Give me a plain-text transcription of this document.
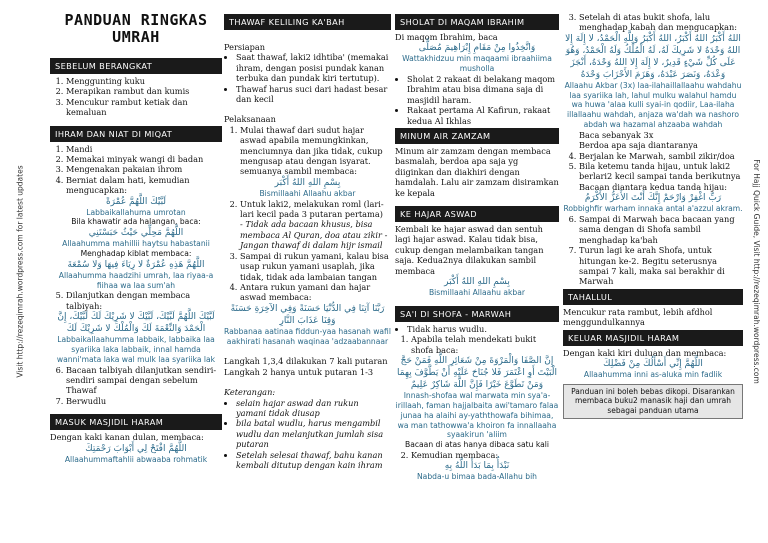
Visit http://rezeqimrah.wordpress.com for latest updates	For Hajj Quick Guide, Visit http://rezeqimrah.wordpress.com
PANDUAN RINGKAS UMRAH
SEBELUM BERANGKAT
1. Menggunting kuku
2. Merapikan rambut dan kumis
3. Mencukur rambut ketiak dan kemaluan
IHRAM DAN NIAT DI MIQAT
1. Mandi
2. Memakai minyak wangi di badan
3. Mengenakan pakaian ihrom
4. Berniat dalam hati, kemudian mengucapkan:
لَبَّيْكَ اللَّهُمَّ عُمْرَةً
Labbaikallahuma umrotan
Bila khawatir ada halangan, baca:
اللَّهُمَّ مَحِلِّي حَيْثُ حَبَسْتَنِي
Allaahumma mahillii haytsu habastanii
Menghadap kiblat membaca:
اللَّهُمَّ هَذِهِ عُمْرَةٌ لا رِيَاءَ فِيهَا وَلا سُمْعَةَ
Allaahumma haadzihi umrah, laa riyaa-a fiihaa wa laa sum'ah
5. Dilanjutkan dengan membaca talbiyah:
لَبَّيْكَ اللَّهُمَّ لَبَّيْكَ، لَبَّيْكَ لا شَرِيْكَ لَكَ لَبَّيْكَ، إِنَّ الْحَمْدَ وَالنِّعْمَةَ لَكَ وَالْمُلْكَ لا شَرِيْكَ لَكَ
Labbaikallaahumma labbaik, labbaika laa syariika laka labbaik, innal hamda wanni'mata laka wal mulk laa syariika lak
6. Bacaan talbiyah dilanjutkan sendiri-sendiri sampai dengan sebelum Thawaf
7. Berwudlu
MASUK MASJIDIL HARAM

Dengan kaki kanan dulan, membaca:

اللَّهُمَّ افْتَحْ لِي أَبْوَابَ رَحْمَتِكَ
Allaahummaftahlii abwaaba rohmatik
THAWAF KELILING KA'BAH

Persiapan

• Saat thawaf, laki2 idhtiba' (memakai ihram, dengan posisi pundak kanan terbuka dan pundak kiri tertutup).
• Thawaf harus suci dari hadast besar dan kecil

Pelaksanaan

1. Mulai thawaf dari sudut hajar aswad apabila memungkinkan, menciumnya dan jika tidak, cukup mengusap atau dengan isyarat. semuanya sambil membaca:
بِسْمِ اللهِ اللهُ أَكْبَر
Bismillaahi Allaahu akbar
2. Untuk laki2, melakukan roml (lari-lari kecil pada 3 putaran pertama)
- Tidak ada bacaan khusus, bisa membaca Al Quran, doa atau zikir - Jangan thawaf di dalam hijr ismail
3. Sampai di rukun yamani, kalau bisa usap rukun yamani usaplah, jika tidak, tidak ada lambaian tangan
4. Antara rukun yamani dan hajar aswad membaca:
رَبَّنَا آتِنَا فِي الدُّنْيَا حَسَنَةً وَفِي الآخِرَةِ حَسَنَةً وَقِنَا عَذَابَ النَّارِ
Rabbanaa aatinaa fiddun-yaa hasanah wafil aakhirati hasanah waqinaa 'adzaabannaar

Langkah 1,3,4 dilakukan 7 kali putaran Langkah 2 hanya untuk putaran 1-3

Keterangan:

• selain hajar aswad dan rukun yamani tidak diusap
• bila batal wudlu, harus mengambil wudlu dan melanjutkan jumlah sisa putaran
• Setelah selesai thawaf, bahu kanan kembali ditutup dengan kain ihram
SHOLAT DI MAQAM IBRAHIM

Di maqom Ibrahim, baca

وَاتَّخِذُوا مِنْ مَقَامِ إِبْرَاهِيمَ مُصَلًّى
Wattakhidzuu min maqaami ibraahiima musholla
• Sholat 2 rakaat di belakang maqom Ibrahim atau bisa dimana saja di masjidil haram.
• Rakaat pertama Al Kafirun, rakaat kedua Al Ikhlas
MINUM AIR ZAMZAM

Minum air zamzam dengan membaca basmalah, berdoa apa saja yg diiginkan dan diakhiri dengan hamdalah. Lalu air zamzam disiramkan ke kepala

KE HAJAR ASWAD

Kembali ke hajar aswad dan sentuh lagi hajar aswad. Kalau tidak bisa, cukup dengan melambaikan tangan saja. Kedua2nya dilakukan sambil membaca

بِسْمِ اللهِ اللهُ أَكْبَر
Bismillaahi Allaahu akbar
SA'I DI SHOFA - MARWAH
• Tidak harus wudlu.
1. Apabila telah mendekati bukit shofa baca:
إِنَّ الصَّفَا وَالْمَرْوَةَ مِنْ شَعَائِرِ اللَّهِ فَمَنْ حَجَّ الْبَيْتَ أَوِ اعْتَمَرَ فَلا جُنَاحَ عَلَيْهِ أَنْ يَطَّوَّفَ بِهِمَا وَمَنْ تَطَوَّعَ خَيْرًا فَإِنَّ اللَّهَ شَاكِرٌ عَلِيمٌ
Innash-shofaa wal marwata min sya'a-irillaah, faman hajjalbaita awi'tamaro falaa junaa ha alaihi ay-yaththowafa bihimaa, wa man tathowwa'a khoiron fa innallaaha syaakirun 'aliim
Bacaan di atas hanya dibaca satu kali
2. Kemudian membaca:
نَبْدَأُ بِمَا بَدَأَ اللَّهُ بِهِ
Nabda-u bimaa bada-Allahu bih
3. Setelah di atas bukit shofa, lalu menghadap kabah dan mengucapkan:
اللهُ أَكْبَرُ اللهُ أَكْبَرُ، اللهُ أَكْبَرُ وَلِلَّهِ الْحَمْدُ، لا إِلَهَ إِلا اللهُ وَحْدَهُ لا شَرِيكَ لَهُ، لَهُ الْمُلْكُ وَلَهُ الْحَمْدُ، وَهُوَ عَلَى كُلِّ شَيْءٍ قَدِيرٌ، لا إِلَهَ إِلا اللهُ وَحْدَهُ، أَنْجَزَ وَعْدَهُ، وَنَصَرَ عَبْدَهُ، وَهَزَمَ الأَحْزَابَ وَحْدَهُ
Allaahu Akbar (3x) laa-ilahaillallaahu wahdahu laa syariika lah, lahul mulku walahul hamdu wa huwa 'alaa kulli syai-in qodiir, Laa-ilaha illallaahu wahdah, anjaza wa'dah wa nashoro abdah wa hazamal ahzaaba wahdah

Baca sebanyak 3x

Berdoa apa saja diantaranya

4. Berjalan ke Marwah, sambil zikir/doa
5. Bila ketemu tanda hijau, untuk laki2 berlari2 kecil sampai tanda berikutnya

Bacaan diantara kedua tanda hijau:

رَبِّ اغْفِرْ وَارْحَمْ إِنَّكَ أَنْتَ الأَعَزُّ الأَكْرَمُ
Robbighfir warham innaka antal a'azzul akram.
6. Sampai di Marwah baca bacaan yang sama dengan di Shofa sambil menghadap ka'bah
7. Turun lagi ke arah Shofa, untuk hitungan ke-2. Begitu seterusnya sampai 7 kali, maka sai berakhir di Marwah
TAHALLUL

Mencukur rata rambut, lebih afdhol menggundulkannya

KELUAR MASJIDIL HARAM

Dengan kaki kiri duluan dan membaca:

اللَّهُمَّ إِنِّي أَسْأَلُكَ مِنْ فَضْلِكَ
Allaahumma inni as-aluka min fadlik
Panduan ini boleh bebas dikopi. Disarankan membaca buku2 manasik haji dan umrah sebagai panduan utama
